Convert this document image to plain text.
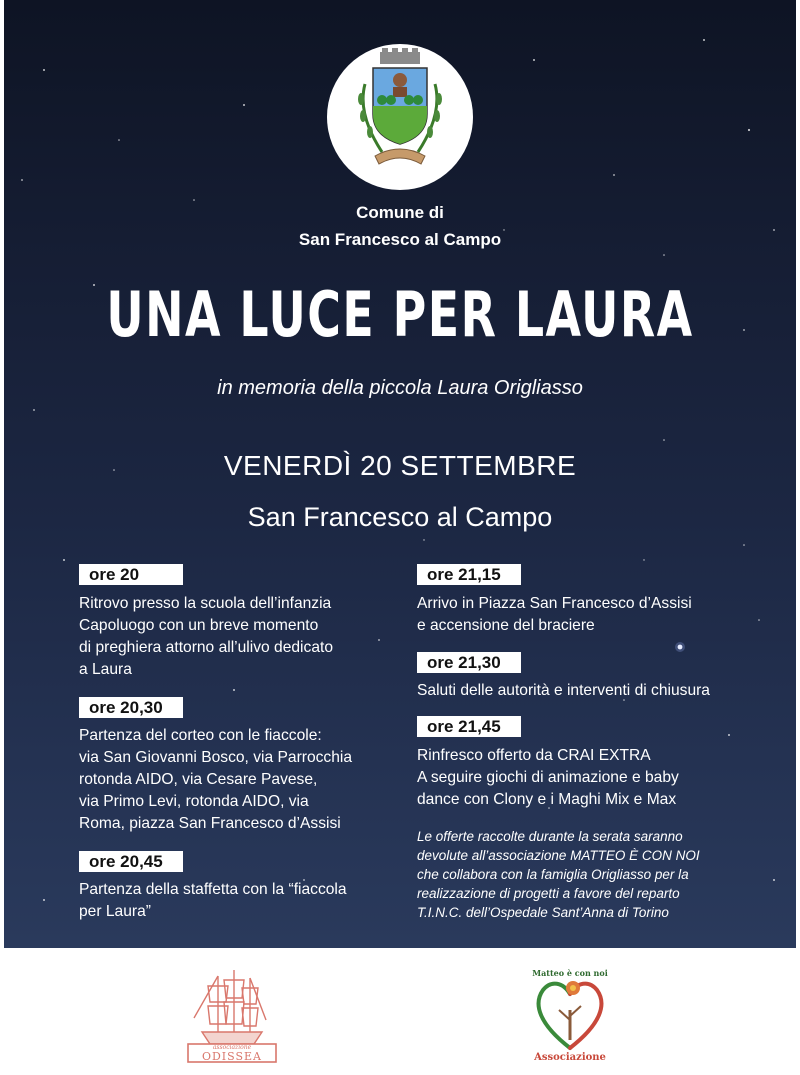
Comune di
San Francesco al Campo
UNA LUCE PER LAURA
in memoria della piccola Laura Origliasso
VENERDÌ 20 SETTEMBRE
San Francesco al Campo
ore 20
Ritrovo presso la scuola dell’infanzia
Capoluogo con un breve momento
di preghiera attorno all’ulivo dedicato
a Laura
ore 20,30
Partenza del corteo con le fiaccole:
via San Giovanni Bosco, via Parrocchia
rotonda AIDO, via Cesare Pavese,
via Primo Levi, rotonda AIDO, via
Roma, piazza San Francesco d’Assisi
ore 20,45
Partenza della staffetta con la “fiaccola
per Laura”
ore 21,15
Arrivo in Piazza San Francesco d’Assisi
e accensione del braciere
ore 21,30
Saluti delle autorità e interventi di chiusura
ore 21,45
Rinfresco offerto da CRAI EXTRA
A seguire giochi di animazione e baby
dance con Clony e i Maghi Mix e Max
Le offerte raccolte durante la serata saranno
devolute all’associazione MATTEO È CON NOI
che collabora con la famiglia Origliasso per la
realizzazione di progetti a favore del reparto
T.I.N.C. dell’Ospedale Sant’Anna di Torino
associazione
ODISSEA
Matteo è con noi
Associazione
